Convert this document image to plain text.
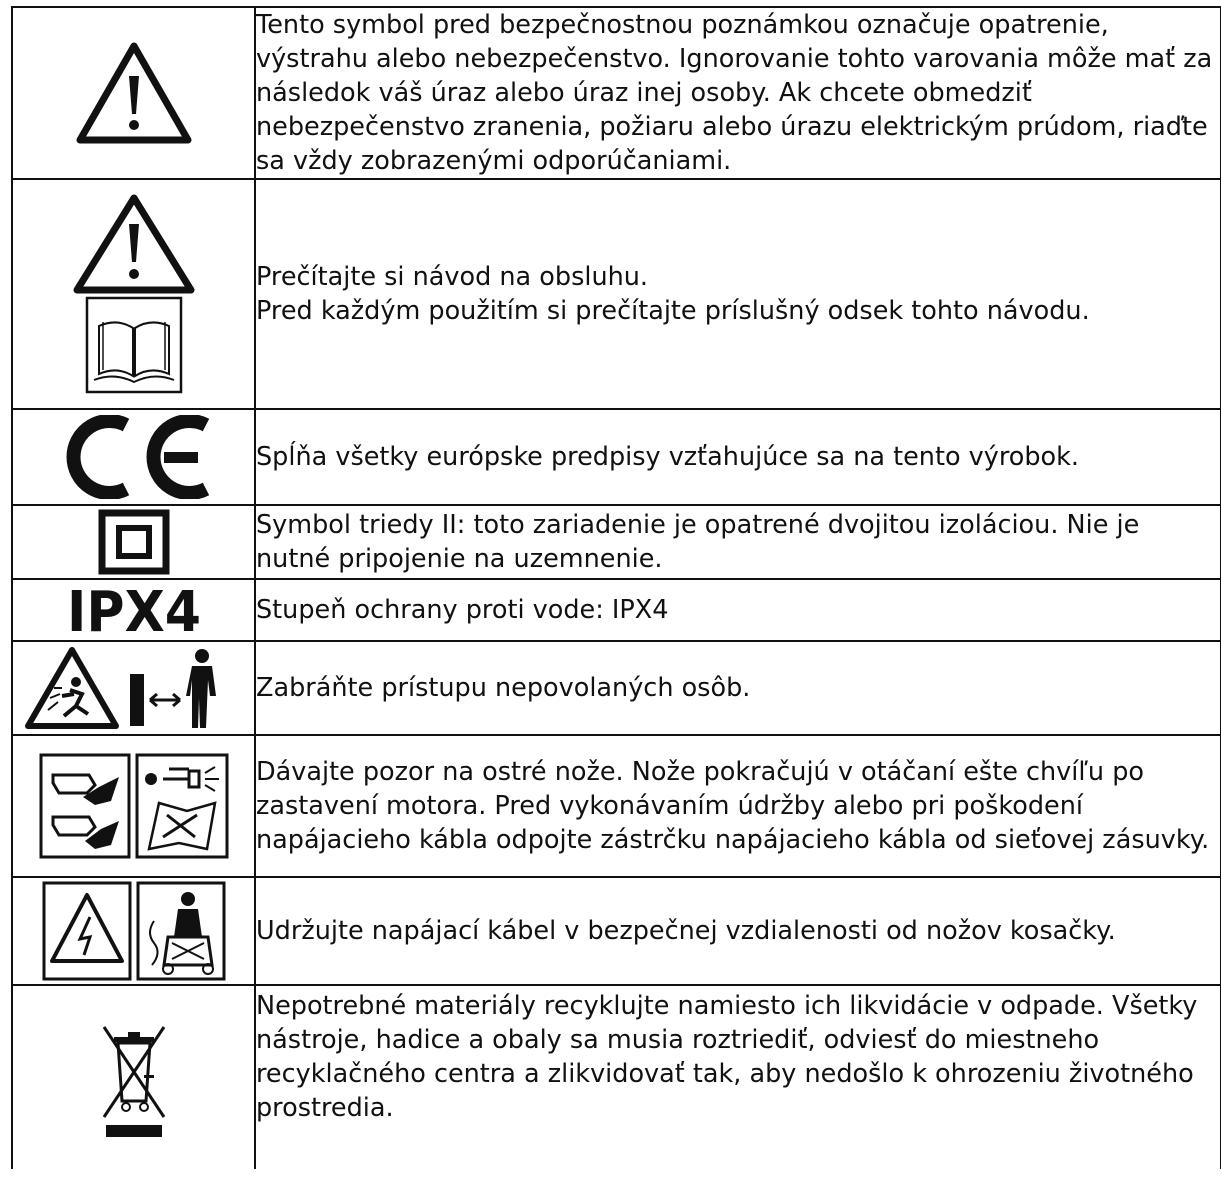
Tento symbol pred bezpečnostnou poznámkou označuje opatrenie, výstrahu alebo nebezpečenstvo. Ignorovanie tohto varovania môže mať za následok váš úraz alebo úraz inej osoby. Ak chcete obmedziť nebezpečenstvo zranenia, požiaru alebo úrazu elektrickým prúdom, riaďte sa vždy zobrazenými odporúčaniami.

Prečítajte si návod na obsluhu.

Pred každým použitím si prečítajte príslušný odsek tohto návodu.

Spĺňa všetky európske predpisy vzťahujúce sa na tento výrobok.

Symbol triedy II: toto zariadenie je opatrené dvojitou izoláciou. Nie je nutné pripojenie na uzemnenie.

IPX4	Stupeň ochrany proti vode: IPX4

Zabráňte prístupu nepovolaných osôb.

Dávajte pozor na ostré nože. Nože pokračujú v otáčaní ešte chvíľu po zastavení motora. Pred vykonávaním údržby alebo pri poškodení napájacieho kábla odpojte zástrčku napájacieho kábla od sieťovej zásuvky.

Udržujte napájací kábel v bezpečnej vzdialenosti od nožov kosačky.

Nepotrebné materiály recyklujte namiesto ich likvidácie v odpade. Všetky nástroje, hadice a obaly sa musia roztriediť, odviesť do miestneho recyklačného centra a zlikvidovať tak, aby nedošlo k ohrozeniu životného prostredia.
